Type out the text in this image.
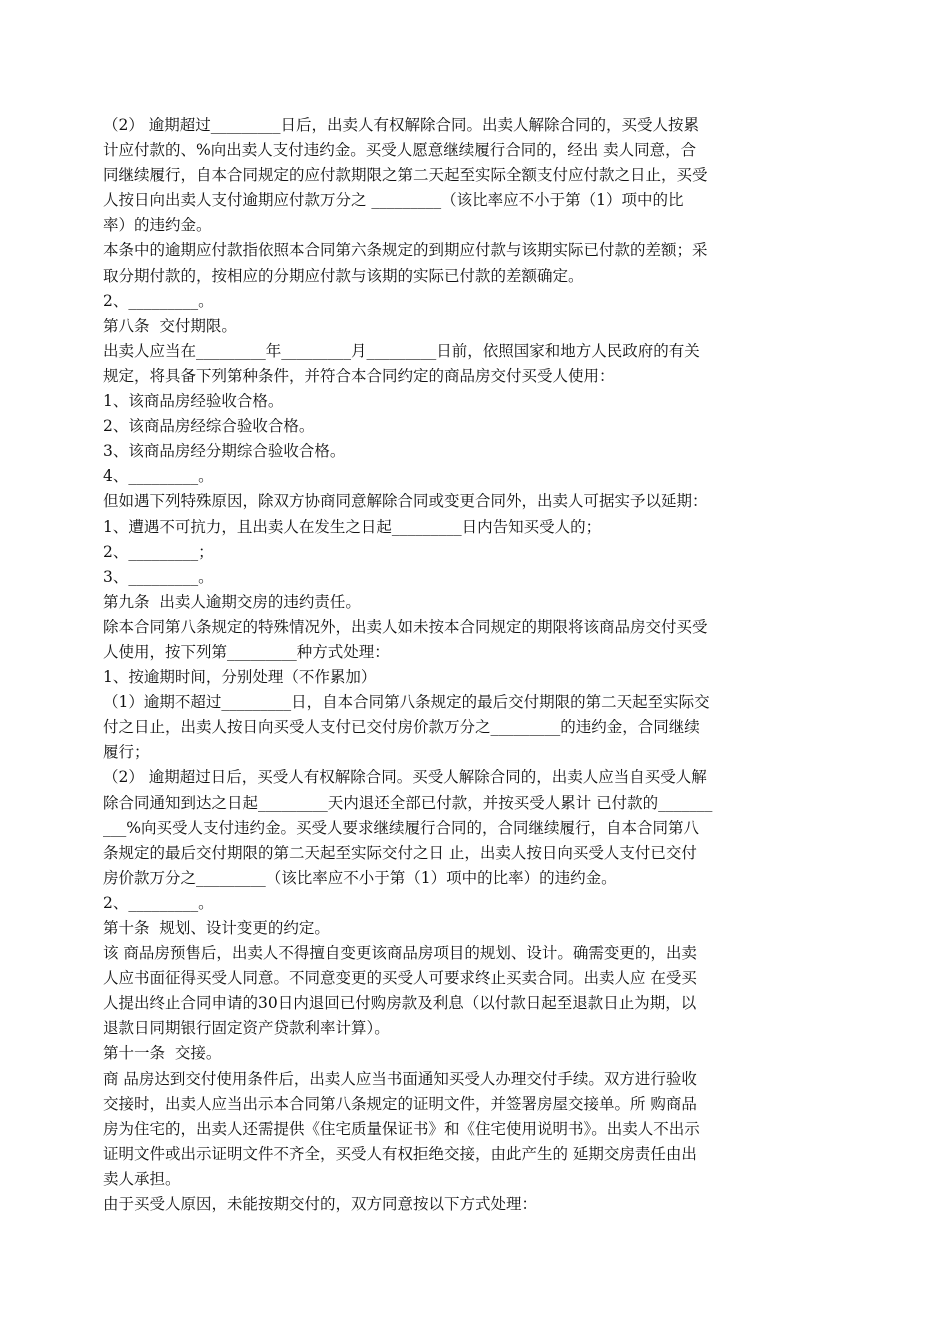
（2） 逾期超过_________日后，出卖人有权解除合同。出卖人解除合同的，买受人按累
计应付款的、%向出卖人支付违约金。买受人愿意继续履行合同的，经出 卖人同意，合
同继续履行，自本合同规定的应付款期限之第二天起至实际全额支付应付款之日止，买受
人按日向出卖人支付逾期应付款万分之 _________（该比率应不小于第（1）项中的比
率）的违约金。
本条中的逾期应付款指依照本合同第六条规定的到期应付款与该期实际已付款的差额；采
取分期付款的，按相应的分期应付款与该期的实际已付款的差额确定。
2、_________。
第八条  交付期限。
出卖人应当在_________年_________月_________日前，依照国家和地方人民政府的有关
规定，将具备下列第种条件，并符合本合同约定的商品房交付买受人使用：
1、该商品房经验收合格。
2、该商品房经综合验收合格。
3、该商品房经分期综合验收合格。
4、_________。
但如遇下列特殊原因，除双方协商同意解除合同或变更合同外，出卖人可据实予以延期：
1、遭遇不可抗力，且出卖人在发生之日起_________日内告知买受人的；
2、_________；
3、_________。
第九条  出卖人逾期交房的违约责任。
除本合同第八条规定的特殊情况外，出卖人如未按本合同规定的期限将该商品房交付买受
人使用，按下列第_________种方式处理：
1、按逾期时间，分别处理（不作累加）
（1）逾期不超过_________日，自本合同第八条规定的最后交付期限的第二天起至实际交
付之日止，出卖人按日向买受人支付已交付房价款万分之_________的违约金，合同继续
履行；
（2） 逾期超过日后，买受人有权解除合同。买受人解除合同的，出卖人应当自买受人解
除合同通知到达之日起_________天内退还全部已付款，并按买受人累计 已付款的_______
___%向买受人支付违约金。买受人要求继续履行合同的，合同继续履行，自本合同第八
条规定的最后交付期限的第二天起至实际交付之日 止，出卖人按日向买受人支付已交付
房价款万分之_________（该比率应不小于第（1）项中的比率）的违约金。
2、_________。
第十条  规划、设计变更的约定。
该 商品房预售后，出卖人不得擅自变更该商品房项目的规划、设计。确需变更的，出卖
人应书面征得买受人同意。不同意变更的买受人可要求终止买卖合同。出卖人应 在受买
人提出终止合同申请的30日内退回已付购房款及利息（以付款日起至退款日止为期，以
退款日同期银行固定资产贷款利率计算）。
第十一条  交接。
商 品房达到交付使用条件后，出卖人应当书面通知买受人办理交付手续。双方进行验收
交接时，出卖人应当出示本合同第八条规定的证明文件，并签署房屋交接单。所 购商品
房为住宅的，出卖人还需提供《住宅质量保证书》和《住宅使用说明书》。出卖人不出示
证明文件或出示证明文件不齐全，买受人有权拒绝交接，由此产生的 延期交房责任由出
卖人承担。
由于买受人原因，未能按期交付的，双方同意按以下方式处理：
